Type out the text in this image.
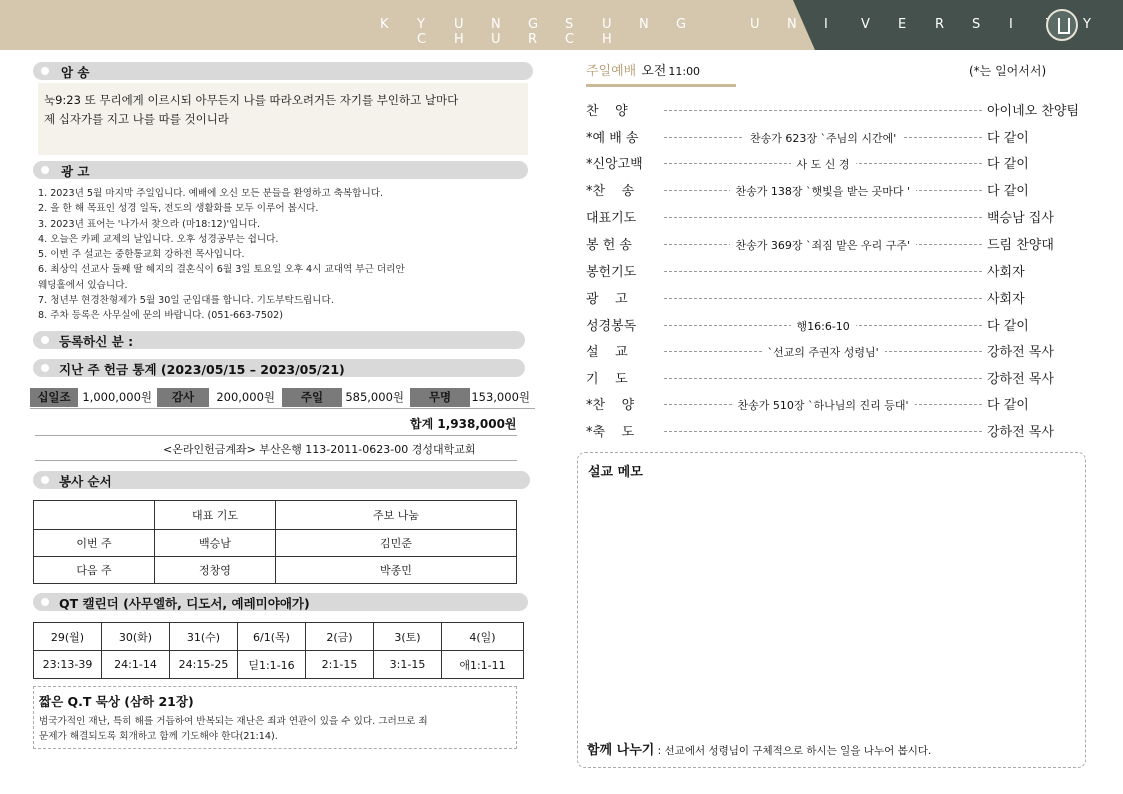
K Y U N G S U N G	U N I	V E R S I	YC H U R C H
암 송
눅9:23 또 무리에게 이르시되 아무든지 나를 따라오려거든 자기를 부인하고 날마다
제 십자가를 지고 나를 따를 것이니라
광 고
1. 2023년 5월 마지막 주일입니다. 예배에 오신 모든 분들을 환영하고 축복합니다.
2. 올 한 해 목표인 성경 일독, 전도의 생활화를 모두 이루어 봅시다.
3. 2023년 표어는 '나가서 찾으라 (마18:12)'입니다.
4. 오늘은 카페 교제의 날입니다. 오후 성경공부는 쉽니다.
5. 이번 주 설교는 중한통교회 강하전 목사입니다.
6. 최상익 선교사 둘째 딸 혜지의 결혼식이 6월 3일 토요일 오후 4시 교대역 부근 더리안
웨딩홀에서 있습니다.
7. 청년부 현경찬형제가 5월 30일 군입대를 합니다. 기도부탁드립니다.
8. 주차 등록은 사무실에 문의 바랍니다. (051-663-7502)
등록하신 분 :
지난 주 헌금 통계 (2023/05/15 – 2023/05/21)
십일조	1,000,000원	감사	200,000원	주일	585,000원	무명	153,000원
합계 1,938,000원
<온라인헌금계좌> 부산은행 113-2011-0623-00 경성대학교회
봉사 순서
	대표 기도	주보 나눔
이번 주	백승남	김민준
다음 주	정창영	박종민
QT 캘린더 (사무엘하, 디도서, 예레미야애가)
29(월)	30(화)	31(수)	6/1(목)	2(금)	3(토)	4(일)
23:13-39	24:1-14	24:15-25	딛1:1-16	2:1-15	3:1-15	애1:1-11
짧은 Q.T 묵상 (삼하 21장)
범국가적인 재난, 특히 해를 거듭하여 반복되는 재난은 죄과 연관이 있을 수 있다. 그러므로 죄
문제가 해결되도록 회개하고 함께 기도해야 한다(21:14).
주일예배 오전 11:00	(*는 일어서서)
찬    양	아이네오 찬양팀
*예 배 송	찬송가 623장 `주님의 시간에'	다 같이
*신앙고백	사 도 신 경	다 같이
*찬    송	찬송가 138장 `햇빛을 받는 곳마다 '	다 같이
대표기도	백승남 집사
봉 헌 송	찬송가 369장 `죄짐 맡은 우리 구주'	드림 찬양대
봉헌기도	사회자
광    고	사회자
성경봉독	행16:6-10	다 같이
설    교	`선교의 주권자 성령님'	강하전 목사
기    도	강하전 목사
*찬    양	찬송가 510장 `하나님의 진리 등대'	다 같이
*축    도	강하전 목사
설교 메모
함께 나누기 : 선교에서 성령님이 구체적으로 하시는 일을 나누어 봅시다.
